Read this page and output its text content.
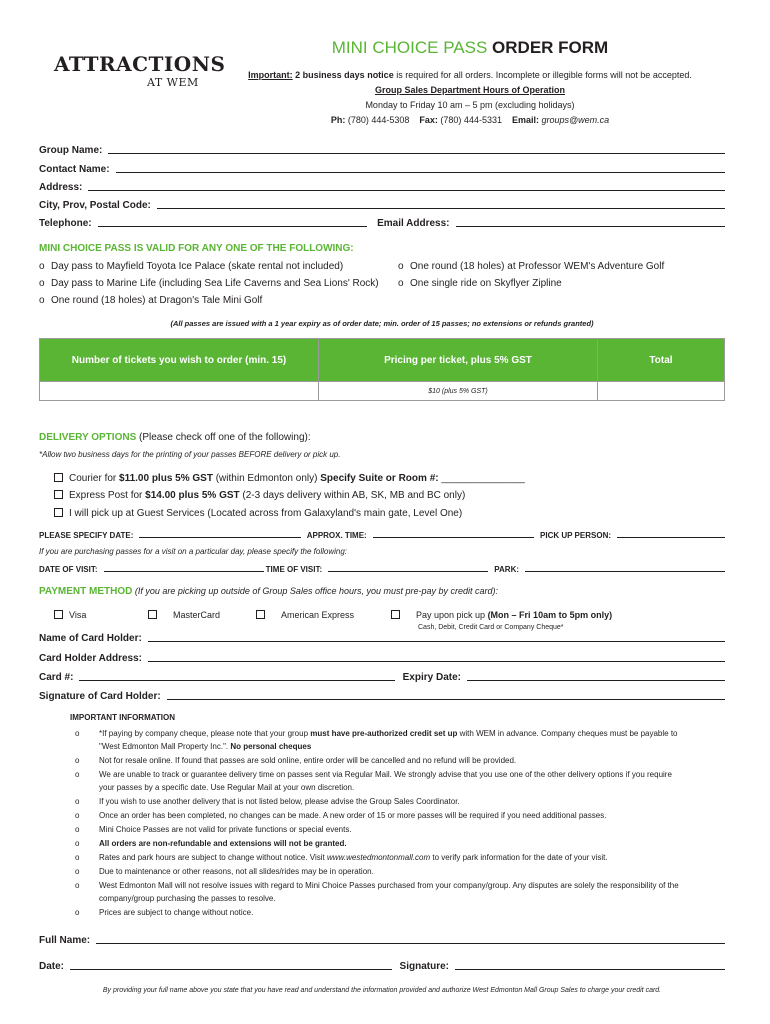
ATTRACTIONS
AT WEM
MINI CHOICE PASS ORDER FORM
Important: 2 business days notice is required for all orders. Incomplete or illegible forms will not be accepted.
Group Sales Department Hours of Operation
Monday to Friday 10 am – 5 pm (excluding holidays)
Ph: (780) 444-5308 Fax: (780) 444-5331 Email: groups@wem.ca
Group Name:
Contact Name:
Address:
City, Prov, Postal Code:
Telephone:	Email Address:
MINI CHOICE PASS IS VALID FOR ANY ONE OF THE FOLLOWING:
o Day pass to Mayfield Toyota Ice Palace (skate rental not included)
o Day pass to Marine Life (including Sea Life Caverns and Sea Lions' Rock)
o One round (18 holes) at Dragon's Tale Mini Golf
o One round (18 holes) at Professor WEM's Adventure Golf
o One single ride on Skyflyer Zipline
(All passes are issued with a 1 year expiry as of order date; min. order of 15 passes; no extensions or refunds granted)
Number of tickets you wish to order (min. 15)	Pricing per ticket, plus 5% GST	Total
	$10 (plus 5% GST)	
DELIVERY OPTIONS (Please check off one of the following):
*Allow two business days for the printing of your passes BEFORE delivery or pick up.
Courier for $11.00 plus 5% GST (within Edmonton only) Specify Suite or Room #: _______________
Express Post for $14.00 plus 5% GST (2-3 days delivery within AB, SK, MB and BC only)
I will pick up at Guest Services (Located across from Galaxyland's main gate, Level One)
PLEASE SPECIFY DATE:	APPROX. TIME:	PICK UP PERSON:
If you are purchasing passes for a visit on a particular day, please specify the following:
DATE OF VISIT:	TIME OF VISIT:	PARK:
PAYMENT METHOD (If you are picking up outside of Group Sales office hours, you must pre-pay by credit card):
Visa	MasterCard	American Express	Pay upon pick up (Mon – Fri 10am to 5pm only)
Cash, Debit, Credit Card or Company Cheque*
Name of Card Holder:
Card Holder Address:
Card #:	Expiry Date:
Signature of Card Holder:
IMPORTANT INFORMATION

o *If paying by company cheque, please note that your group must have pre-authorized credit set up with WEM in advance. Company cheques must be payable to "West Edmonton Mall Property Inc.". No personal cheques

o Not for resale online. If found that passes are sold online, entire order will be cancelled and no refund will be provided.

o We are unable to track or guarantee delivery time on passes sent via Regular Mail. We strongly advise that you use one of the other delivery options if you require your passes by a specific date. Use Regular Mail at your own discretion.

o If you wish to use another delivery that is not listed below, please advise the Group Sales Coordinator.

o Once an order has been completed, no changes can be made. A new order of 15 or more passes will be required if you need additional passes.

o Mini Choice Passes are not valid for private functions or special events.

o All orders are non-refundable and extensions will not be granted.

o Rates and park hours are subject to change without notice. Visit www.westedmontonmall.com to verify park information for the date of your visit.

o Due to maintenance or other reasons, not all slides/rides may be in operation.

o West Edmonton Mall will not resolve issues with regard to Mini Choice Passes purchased from your company/group. Any disputes are solely the responsibility of the company/group purchasing the passes to resolve.

o Prices are subject to change without notice.

Full Name:
Date:	Signature:
By providing your full name above you state that you have read and understand the information provided and authorize West Edmonton Mall Group Sales to charge your credit card.
